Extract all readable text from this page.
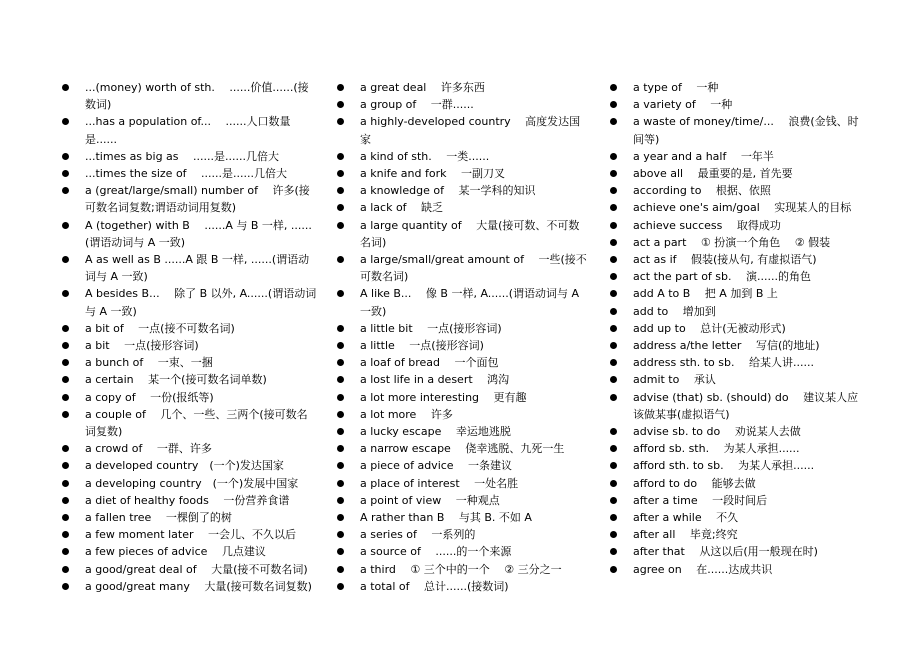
...(money) worth of sth.　 ......价值......(接数词)
...has a population of...　 ......人口数量是......
...times as big as　 ......是......几倍大
...times the size of　 ......是......几倍大
a (great/large/small) number of　 许多(接可数名词复数;谓语动词用复数)
A (together) with B　 ......A 与 B 一样, ......(谓语动词与 A 一致)
A as well as B ......A 跟 B 一样, ......(谓语动词与 A 一致)
A besides B...　 除了 B 以外, A......(谓语动词与 A 一致)
a bit of　 一点(接不可数名词)
a bit　 一点(接形容词)
a bunch of　 一束、一捆
a certain　 某一个(接可数名词单数)
a copy of　 一份(报纸等)
a couple of　 几个、一些、三两个(接可数名词复数)
a crowd of　 一群、许多
a developed country　(一个)发达国家
a developing country　(一个)发展中国家
a diet of healthy foods　 一份营养食谱
a fallen tree　 一棵倒了的树
a few moment later　 一会儿、不久以后
a few pieces of advice　 几点建议
a good/great deal of　 大量(接不可数名词)
a good/great many　 大量(接可数名词复数)
a great deal　 许多东西
a group of　 一群......
a highly-developed country　 高度发达国家
a kind of sth.　 一类......
a knife and fork　 一副刀叉
a knowledge of　 某一学科的知识
a lack of　 缺乏
a large quantity of　 大量(接可数、不可数名词)
a large/small/great amount of　 一些(接不可数名词)
A like B...　 像 B 一样, A......(谓语动词与 A 一致)
a little bit　 一点(接形容词)
a little　 一点(接形容词)
a loaf of bread　 一个面包
a lost life in a desert　 鸿沟
a lot more interesting　 更有趣
a lot more　 许多
a lucky escape　 幸运地逃脱
a narrow escape　 侥幸逃脱、九死一生
a piece of advice　 一条建议
a place of interest　 一处名胜
a point of view　 一种观点
A rather than B　 与其 B. 不如 A
a series of　 一系列的
a source of　 ......的一个来源
a third　 ① 三个中的一个　 ② 三分之一
a total of　 总计......(接数词)
a type of　 一种
a variety of　 一种
a waste of money/time/...　 浪费(金钱、时间等)
a year and a half　 一年半
above all　 最重要的是, 首先要
according to　 根据、依照
achieve one's aim/goal　 实现某人的目标
achieve success　 取得成功
act a part　 ① 扮演一个角色　 ② 假装
act as if　 假装(接从句, 有虚拟语气)
act the part of sb.　 演......的角色
add A to B　 把 A 加到 B 上
add to　 增加到
add up to　 总计(无被动形式)
address a/the letter　 写信(的地址)
address sth. to sb.　 给某人讲......
admit to　 承认
advise (that) sb. (should) do　 建议某人应该做某事(虚拟语气)
advise sb. to do　 劝说某人去做
afford sb. sth.　 为某人承担......
afford sth. to sb.　 为某人承担......
afford to do　 能够去做
after a time　 一段时间后
after a while　 不久
after all　 毕竟;终究
after that　 从这以后(用一般现在时)
agree on　 在......达成共识
